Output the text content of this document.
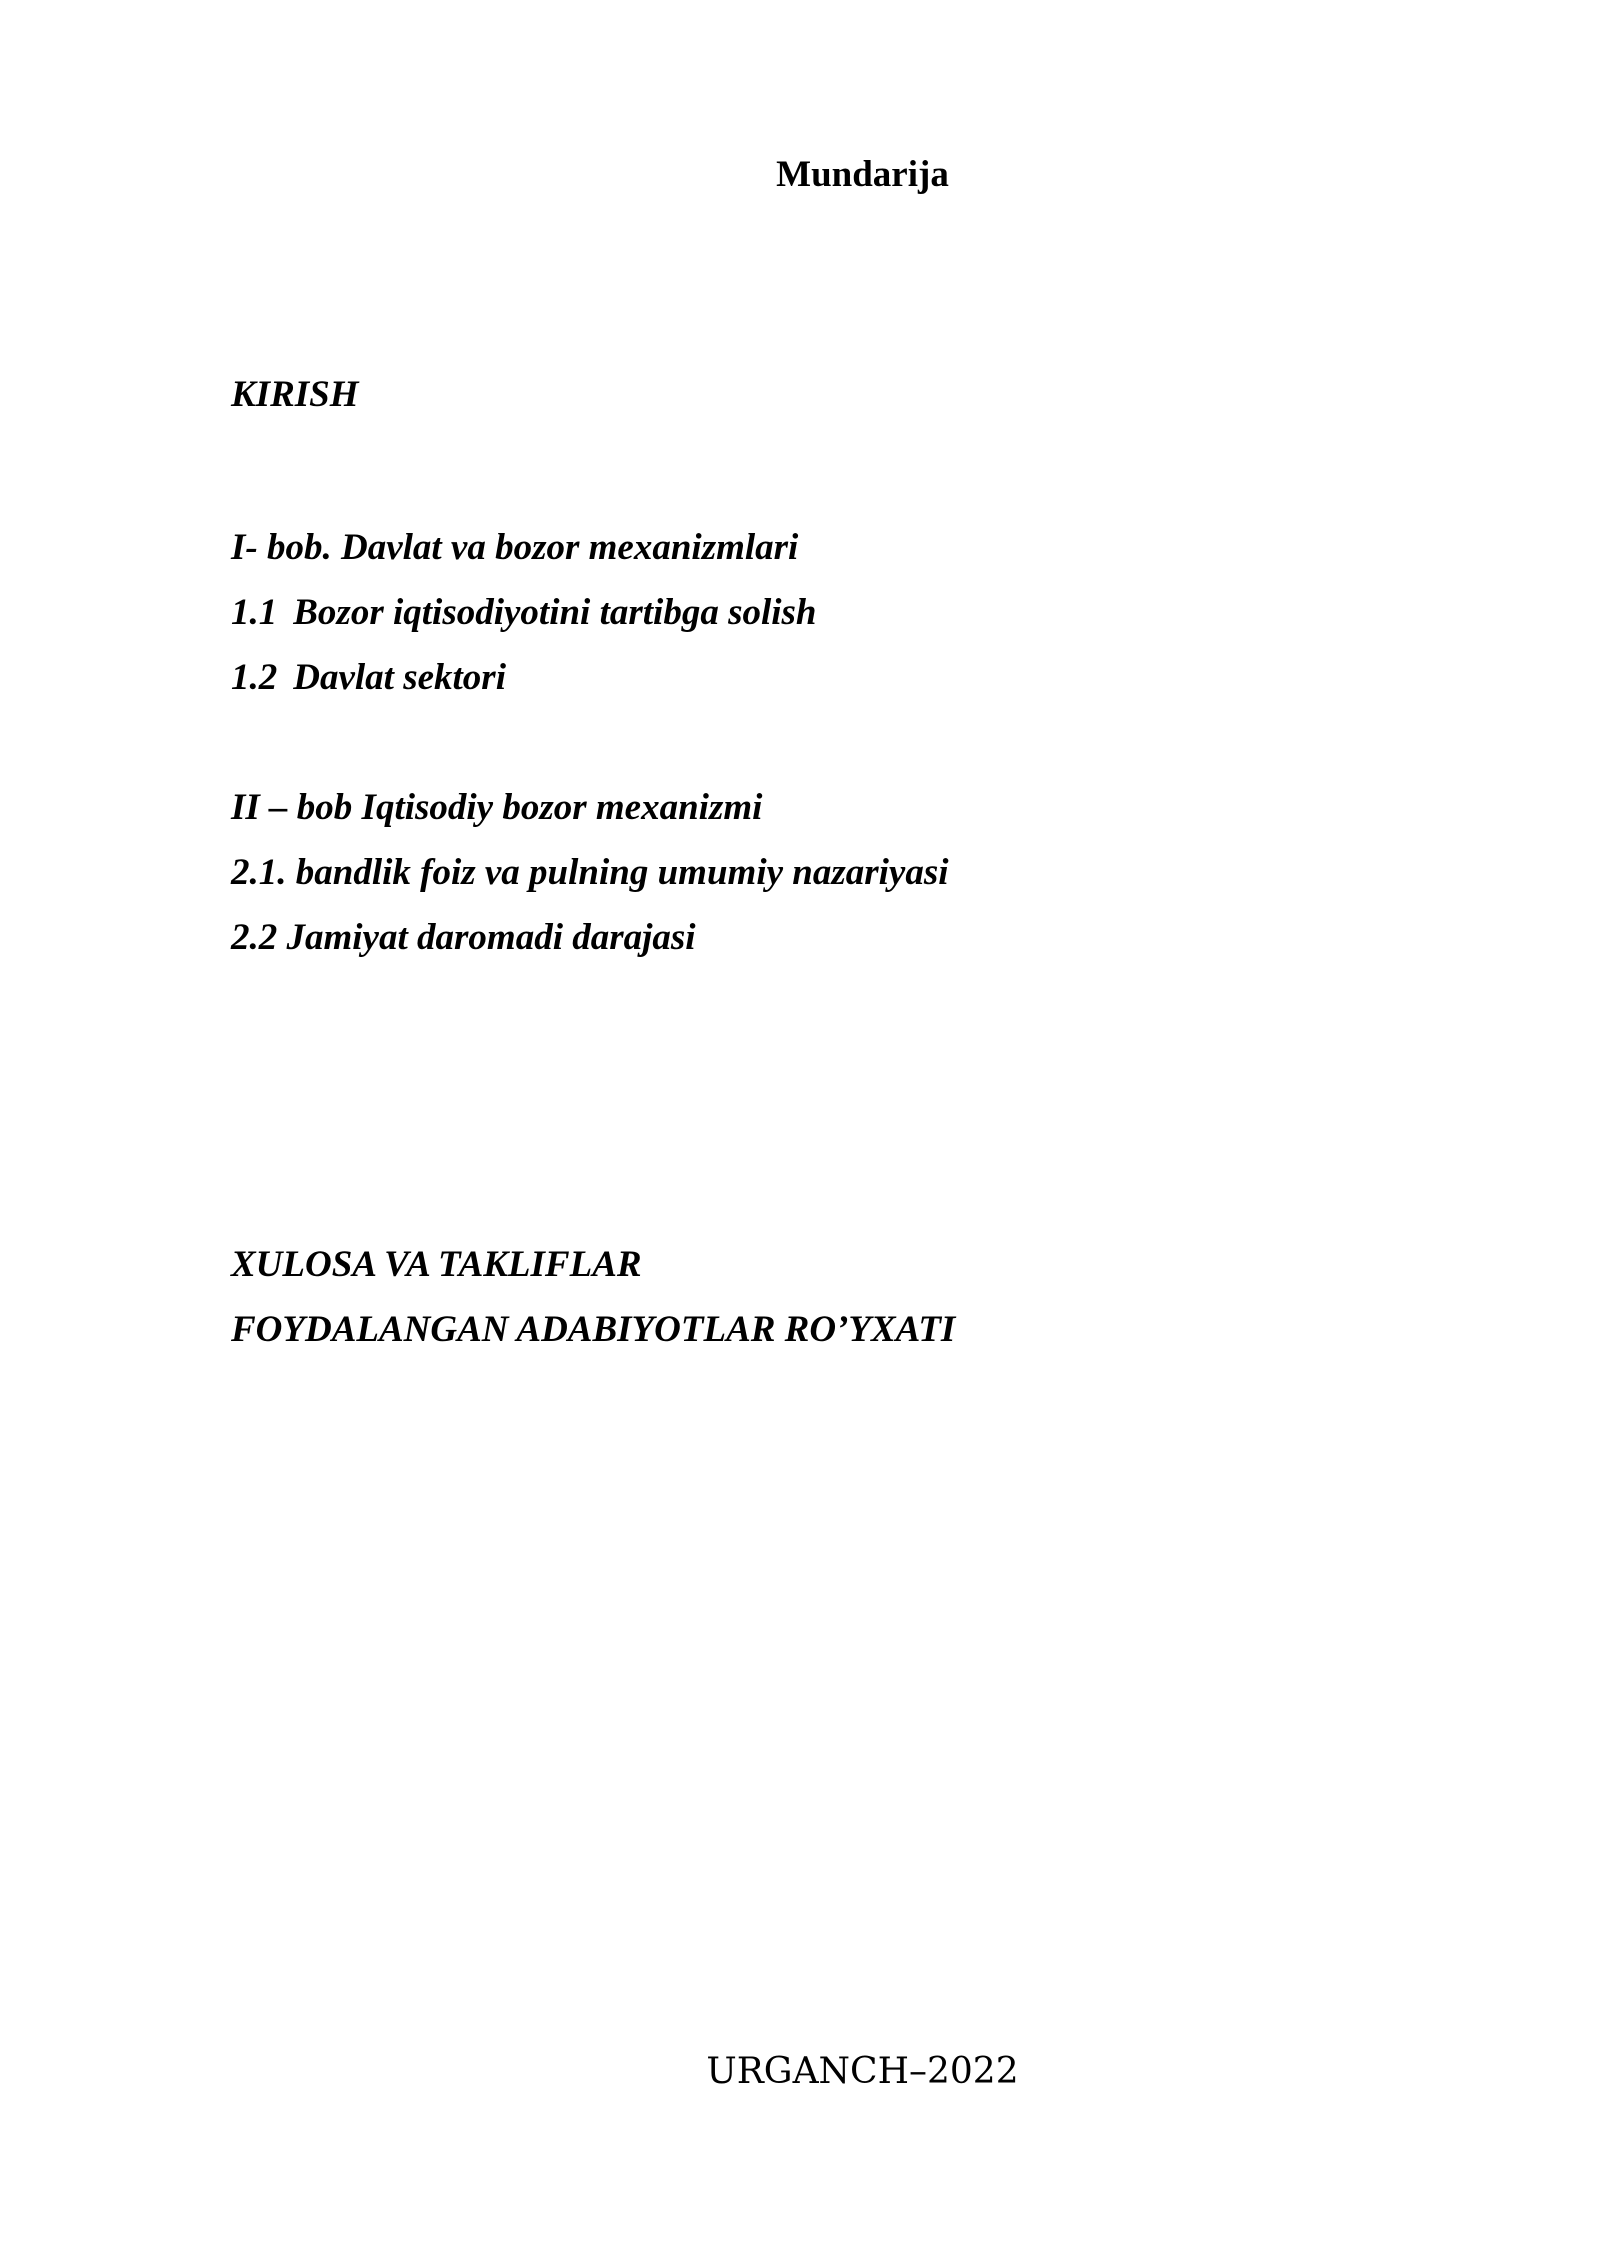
Mundarija
KIRISH
I- bob. Davlat va bozor mexanizmlari
1.1 Bozor iqtisodiyotini tartibga solish
1.2 Davlat sektori
II – bob Iqtisodiy bozor mexanizmi
2.1. bandlik foiz va pulning umumiy nazariyasi
2.2 Jamiyat daromadi darajasi
XULOSA VA TAKLIFLAR
FOYDALANGAN ADABIYOTLAR RO’YXATI
URGANCH–2022
